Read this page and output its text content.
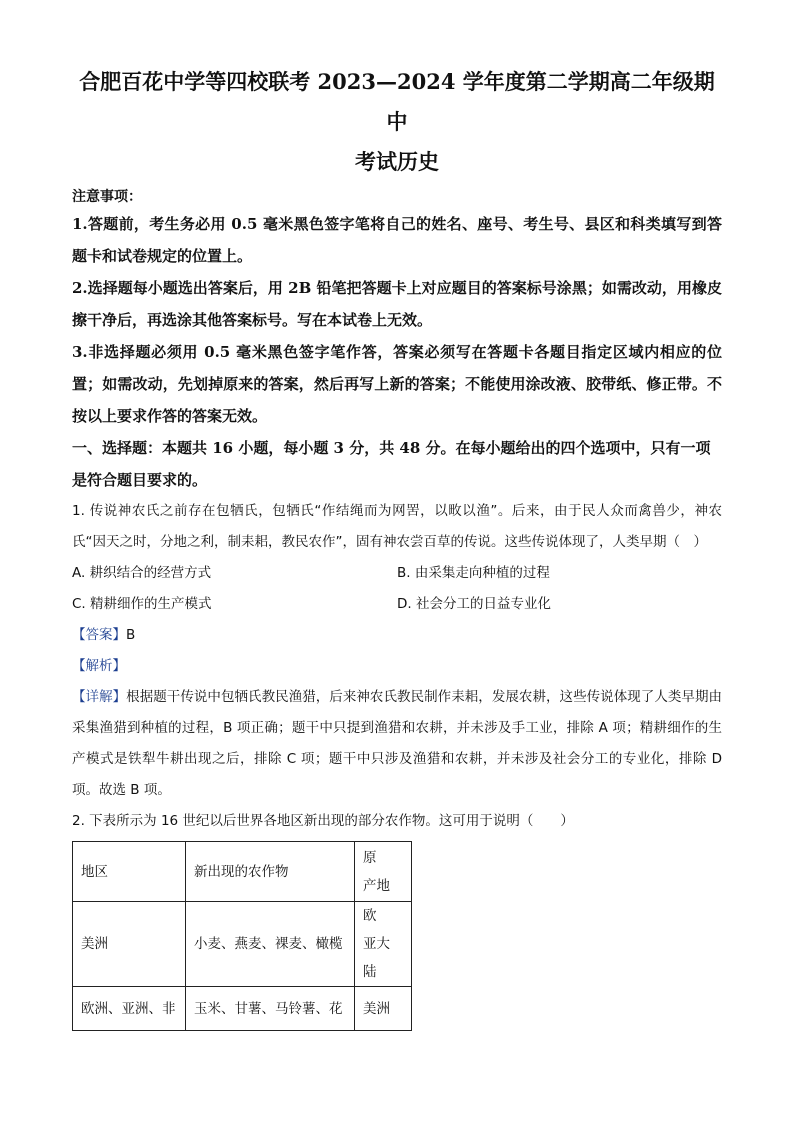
合肥百花中学等四校联考 2023—2024 学年度第二学期高二年级期中

考试历史

注意事项：

1.答题前，考生务必用 0.5 毫米黑色签字笔将自己的姓名、座号、考生号、县区和科类填写到答题卡和试卷规定的位置上。

2.选择题每小题选出答案后，用 2B 铅笔把答题卡上对应题目的答案标号涂黑；如需改动，用橡皮擦干净后，再选涂其他答案标号。写在本试卷上无效。

3.非选择题必须用 0.5 毫米黑色签字笔作答，答案必须写在答题卡各题目指定区域内相应的位置；如需改动，先划掉原来的答案，然后再写上新的答案；不能使用涂改液、胶带纸、修正带。不按以上要求作答的答案无效。

一、选择题：本题共 16 小题，每小题 3 分，共 48 分。在每小题给出的四个选项中，只有一项是符合题目要求的。

1. 传说神农氏之前存在包牺氏，包牺氏“作结绳而为网罟，以畋以渔”。后来，由于民人众而禽兽少，神农氏“因天之时，分地之利，制耒耜，教民农作”，固有神农尝百草的传说。这些传说体现了，人类早期（　）

A. 耕织结合的经营方式	B. 由采集走向种植的过程
C. 精耕细作的生产模式	D. 社会分工的日益专业化

【答案】B

【解析】

【详解】根据题干传说中包牺氏教民渔猎，后来神农氏教民制作耒耜，发展农耕，这些传说体现了人类早期由采集渔猎到种植的过程，B 项正确；题干中只提到渔猎和农耕，并未涉及手工业，排除 A 项；精耕细作的生产模式是铁犁牛耕出现之后，排除 C 项；题干中只涉及渔猎和农耕，并未涉及社会分工的专业化，排除 D 项。故选 B 项。

2. 下表所示为 16 世纪以后世界各地区新出现的部分农作物。这可用于说明（　　）

地区	新出现的农作物	原　产地
美洲	小麦、燕麦、裸麦、橄榄	欧　亚大陆
欧洲、亚洲、非	玉米、甘薯、马铃薯、花	美洲
